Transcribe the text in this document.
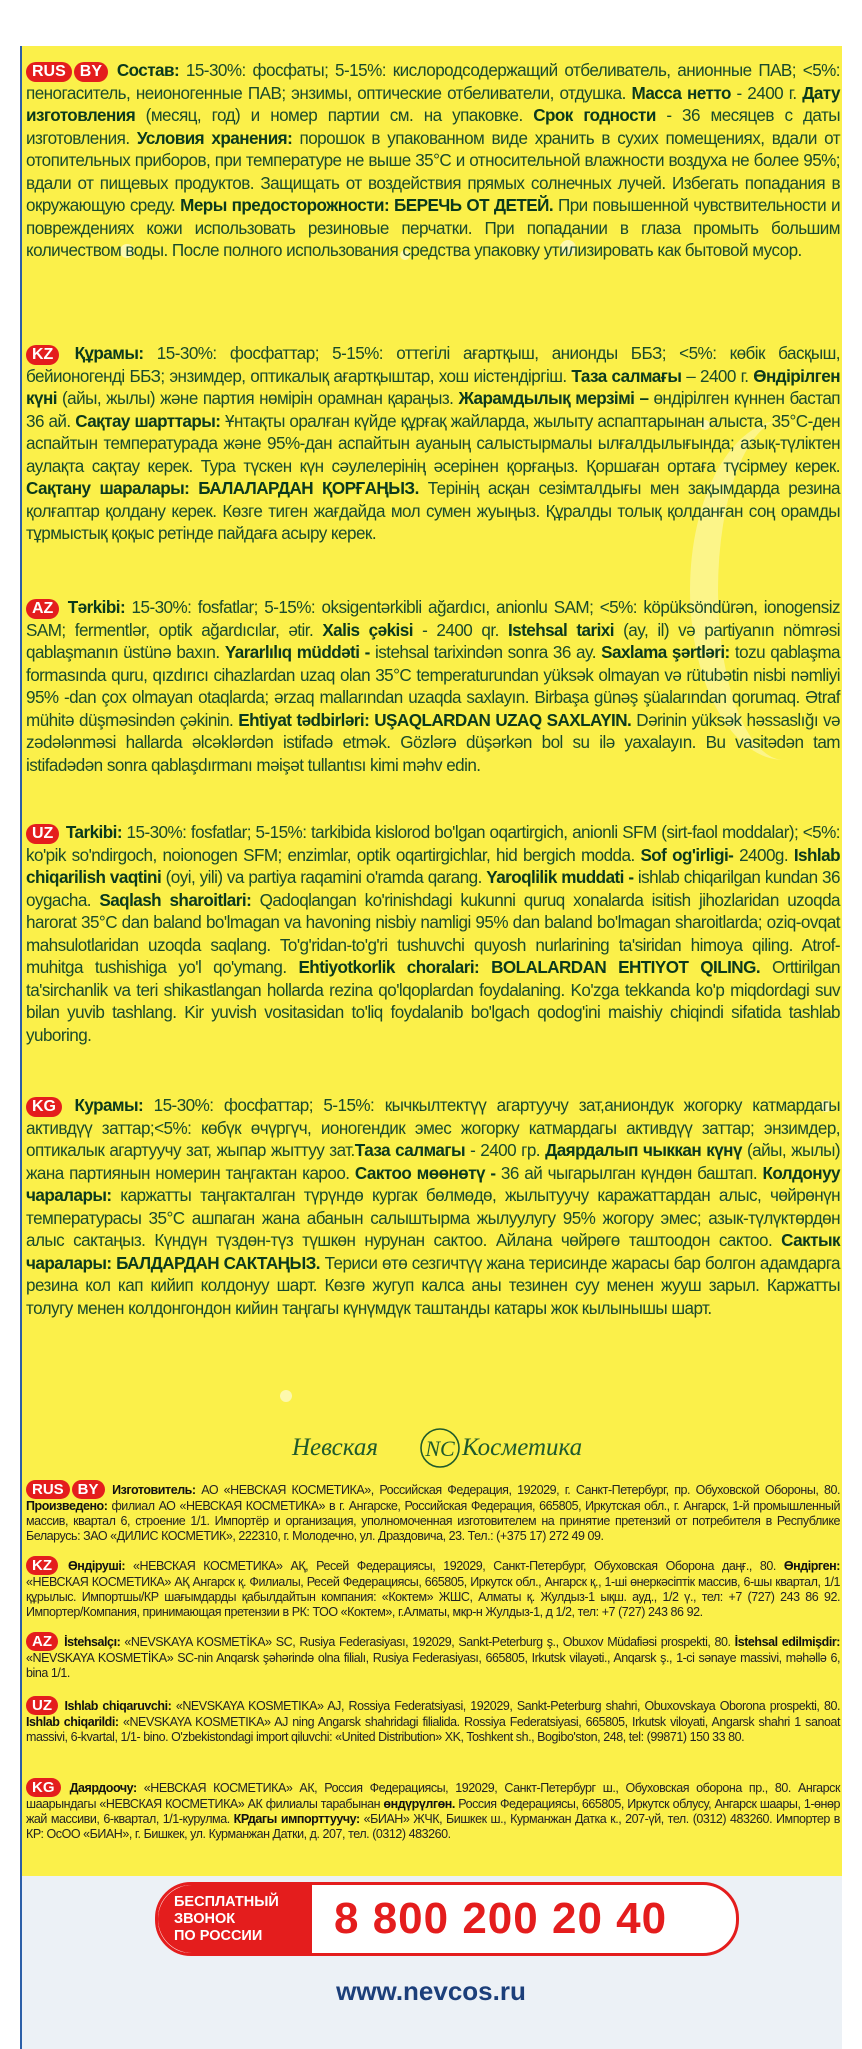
RUS BY Состав: 15-30%: фосфаты; 5-15%: кислородсодержащий отбеливатель, анионные ПАВ; <5%: пеногаситель, неионогенные ПАВ; энзимы, оптические отбеливатели, отдушка. Масса нетто - 2400 г. Дату изготовления (месяц, год) и номер партии см. на упаковке. Срок годности - 36 месяцев с даты изготовления. Условия хранения: порошок в упакованном виде хранить в сухих помещениях, вдали от отопительных приборов, при температуре не выше 35°C и относительной влажности воздуха не более 95%; вдали от пищевых продуктов. Защищать от воздействия прямых солнечных лучей. Избегать попадания в окружающую среду. Меры предосторожности: БЕРЕЧЬ ОТ ДЕТЕЙ. При повышенной чувствительности и повреждениях кожи использовать резиновые перчатки. При попадании в глаза промыть большим количеством воды. После полного использования средства упаковку утилизировать как бытовой мусор.
KZ Құрамы: 15-30%: фосфаттар; 5-15%: оттегілі ағартқыш, анионды ББЗ; <5%: көбік басқыш, бейионогенді ББЗ; энзимдер, оптикалық ағартқыштар, хош иістендіргіш. Таза салмағы – 2400 г. Өндірілген күні (айы, жылы) және партия нөмірін орамнан қараңыз. Жарамдылық мерзімі – өндірілген күннен бастап 36 ай. Сақтау шарттары: Ұнтақты оралған күйде құрғақ жайларда, жылыту аспаптарынан алыста, 35°С-ден аспайтын температурада және 95%-дан аспайтын ауаның салыстырмалы ылғалдылығында; азық-түліктен аулақта сақтау керек. Тура түскен күн сәулелерінің әсерінен қорғаңыз. Қоршаған ортаға түсірмеу керек. Сақтану шаралары: БАЛАЛАРДАН ҚОРҒАҢЫЗ. Терінің асқан сезімталдығы мен зақымдарда резина қолғаптар қолдану керек. Көзге тиген жағдайда мол сумен жуыңыз. Құралды толық қолданған соң орамды тұрмыстық қоқыс ретінде пайдаға асыру керек.
AZ Tərkibi: 15-30%: fosfatlar; 5-15%: oksigentərkibli ağardıcı, anionlu SAM; <5%: köpüksöndürən, ionogensiz SAM; fermentlər, optik ağardıcılar, ətir. Xalis çəkisi - 2400 qr. Istehsal tarixi (ay, il) və partiyanın nömrəsi qablaşmanın üstünə baxın. Yararlılıq müddəti - istehsal tarixindən sonra 36 ay. Saxlama şərtləri: tozu qablaşma formasında quru, qızdırıcı cihazlardan uzaq olan 35°C temperaturundan yüksək olmayan və rütubətin nisbi nəmliyi 95% -dan çox olmayan otaqlarda; ərzaq mallarından uzaqda saxlayın. Birbaşa günəş şüalarından qorumaq. Ətraf mühitə düşməsindən çəkinin. Ehtiyat tədbirləri: UŞAQLARDAN UZAQ SAXLAYIN. Dərinin yüksək həssaslığı və zədələnməsi hallarda əlcəklərdən istifadə etmək. Gözlərə düşərkən bol su ilə yaxalayın. Bu vasitədən tam istifadədən sonra qablaşdırmanı məişət tullantısı kimi məhv edin.
UZ Tarkibi: 15-30%: fosfatlar; 5-15%: tarkibida kislorod bo'lgan oqartirgich, anionli SFM (sirt-faol moddalar); <5%: ko'pik so'ndirgoch, noionogen SFM; enzimlar, optik oqartirgichlar, hid bergich modda. Sof og'irligi- 2400g. Ishlab chiqarilish vaqtini (oyi, yili) va partiya raqamini o'ramda qarang. Yaroqlilik muddati - ishlab chiqarilgan kundan 36 oygacha. Saqlash sharoitlari: Qadoqlangan ko'rinishdagi kukunni quruq xonalarda isitish jihozlaridan uzoqda harorat 35°C dan baland bo'lmagan va havoning nisbiy namligi 95% dan baland bo'lmagan sharoitlarda; oziq-ovqat mahsulotlaridan uzoqda saqlang. To'g'ridan-to'g'ri tushuvchi quyosh nurlarining ta'siridan himoya qiling. Atrof-muhitga tushishiga yo'l qo'ymang. Ehtiyotkorlik choralari: BOLALARDAN EHTIYOT QILING. Orttirilgan ta'sirchanlik va teri shikastlangan hollarda rezina qo'lqoplardan foydalaning. Ko'zga tekkanda ko'p miqdordagi suv bilan yuvib tashlang. Kir yuvish vositasidan to'liq foydalanib bo'lgach qodog'ini maishiy chiqindi sifatida tashlab yuboring.
KG Курамы: 15-30%: фосфаттар; 5-15%: кычкылтектүү агартуучу зат,аниондук жогорку катмардагы активдүү заттар;<5%: көбүк өчүргүч, ионогендик эмес жогорку катмардагы активдүү заттар; энзимдер, оптикалык агартуучу зат, жыпар жыттуу зат.Таза салмагы - 2400 гр. Даярдалып чыккан күнү (айы, жылы) жана партиянын номерин таңгактан кароо. Сактоо мөөнөтү - 36 ай чыгарылган күндөн баштап. Колдонуу чаралары: каржатты таңгакталган түрүндө кургак бөлмөдө, жылытуучу каражаттардан алыс, чөйрөнүн температурасы 35°С ашпаган жана абанын салыштырма жылуулугу 95% жогору эмес; азык-түлүктөрдөн алыс сактаңыз. Күндүн түздөн-түз түшкөн нурунан сактоо. Айлана чөйрөгө таштоодон сактоо. Сактык чаралары: БАЛДАРДАН САКТАҢЫЗ. Териси өтө сезгичтүү жана терисинде жарасы бар болгон адамдарга резина кол кап кийип колдонуу шарт. Көзгө жугуп калса аны тезинен суу менен жууш зарыл. Каржатты толугу менен колдонгондон кийин таңгагы күнүмдүк таштанды катары жок кылынышы шарт.
Невская NC Косметика
RUS BY Изготовитель: АО «НЕВСКАЯ КОСМЕТИКА», Российская Федерация, 192029, г. Санкт-Петербург, пр. Обуховской Обороны, 80. Произведено: филиал АО «НЕВСКАЯ КОСМЕТИКА» в г. Ангарске, Российская Федерация, 665805, Иркутская обл., г. Ангарск, 1-й промышленный массив, квартал 6, строение 1/1. Импортёр и организация, уполномоченная изготовителем на принятие претензий от потребителя в Республике Беларусь: ЗАО «ДИЛИС КОСМЕТИК», 222310, г. Молодечно, ул. Драздовича, 23. Тел.: (+375 17) 272 49 09.
KZ Өндіруші: «НЕВСКАЯ КОСМЕТИКА» АҚ, Ресей Федерациясы, 192029, Санкт-Петербург, Обуховская Оборона даңғ., 80. Өндірген: «НЕВСКАЯ КОСМЕТИКА» АҚ Ангарск қ. Филиалы, Ресей Федерациясы, 665805, Иркутск обл., Ангарск қ., 1-ші өнеркәсіптік массив, 6-шы квартал, 1/1 құрылыс. Импортшы/КР шағымдарды қабылдайтын компания: «Коктем» ЖШС, Алматы қ. Жулдыз-1 ықш. ауд., 1/2 ү., тел: +7 (727) 243 86 92. Импортер/Компания, принимающая претензии в РК: ТОО «Коктем», г.Алматы, мкр-н Жулдыз-1, д 1/2, тел: +7 (727) 243 86 92.
AZ İstehsalçı: «NEVSKAYA KOSMETİKA» SC, Rusiya Federasiyası, 192029, Sankt-Peterburg ş., Obuxov Müdafiəsi prospekti, 80. İstehsal edilmişdir: «NEVSKAYA KOSMETİKA» SC-nin Anqarsk şəhərində olna filialı, Rusiya Federasiyası, 665805, Irkutsk vilayəti., Anqarsk ş., 1-ci sənaye massivi, məhəllə 6, bina 1/1.
UZ Ishlab chiqaruvchi: «NEVSKAYA KOSMETIKA» AJ, Rossiya Federatsiyasi, 192029, Sankt-Peterburg shahri, Obuxovskaya Oborona prospekti, 80. Ishlab chiqarildi: «NEVSKAYA KOSMETIKA» AJ ning Angarsk shahridagi filialida. Rossiya Federatsiyasi, 665805, Irkutsk viloyati, Angarsk shahri 1 sanoat massivi, 6-kvartal, 1/1- bino. O'zbekistondagi import qiluvchi: «United Distribution» XK, Toshkent sh., Bogibo'ston, 248, tel: (99871) 150 33 80.
KG Даярдоочу: «НЕВСКАЯ КОСМЕТИКА» АК, Россия Федерациясы, 192029, Санкт-Петербург ш., Обуховская оборона пр., 80. Ангарск шаарындагы «НЕВСКАЯ КОСМЕТИКА» АК филиалы тарабынан өндүрүлгөн. Россия Федерациясы, 665805, Иркутск облусу, Ангарск шаары, 1-өнөр жай массиви, 6-квартал, 1/1-курулма. КРдагы импорттуучу: «БИАН» ЖЧК, Бишкек ш., Курманжан Датка к., 207-үй, тел. (0312) 483260. Импортер в КР: ОсОО «БИАН», г. Бишкек, ул. Курманжан Датки, д. 207, тел. (0312) 483260.
БЕСПЛАТНЫЙ
ЗВОНОК
ПО РОССИИ	8 800 200 20 40
www.nevcos.ru
